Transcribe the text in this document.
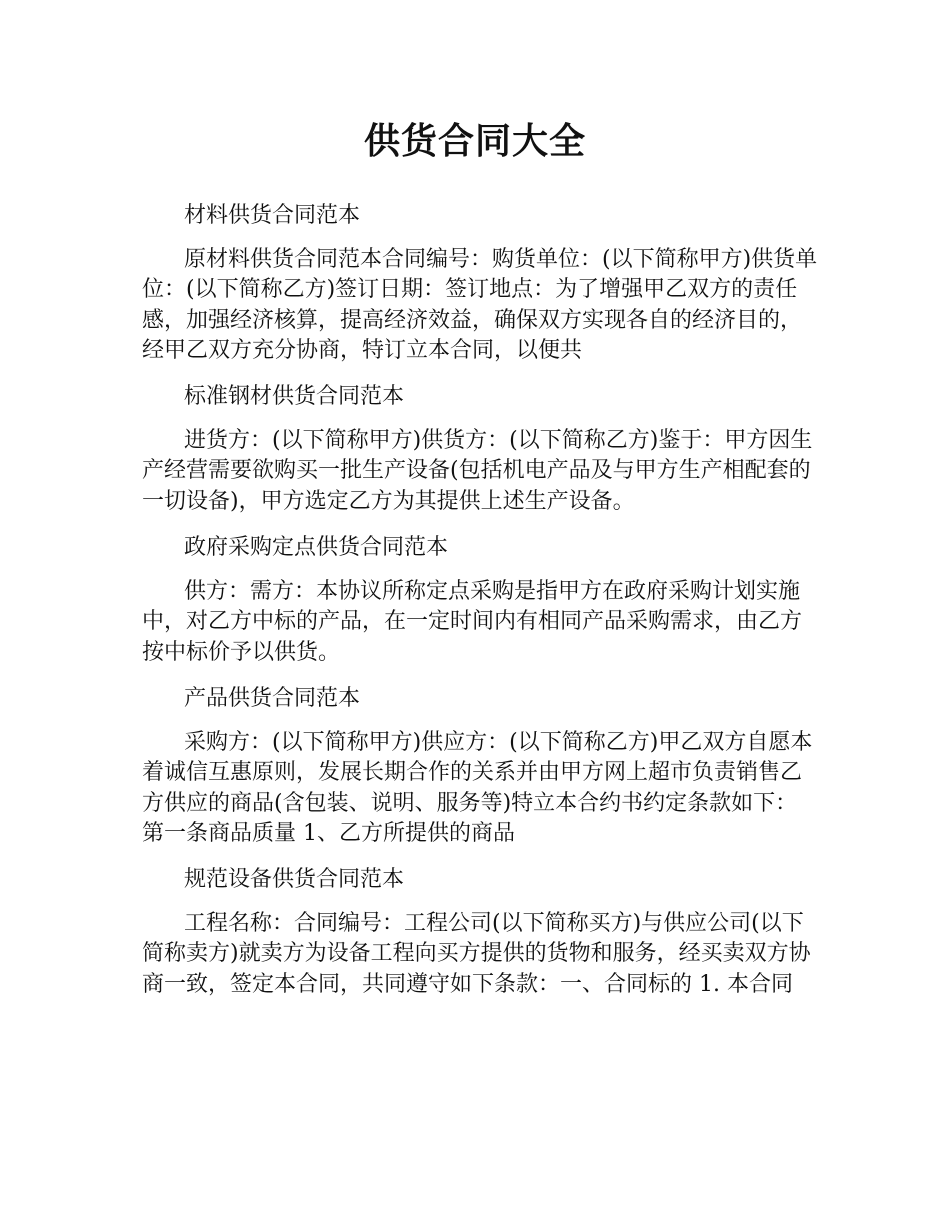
供货合同大全

材料供货合同范本

原材料供货合同范本合同编号：购货单位：(以下简称甲方)供货单位：(以下简称乙方)签订日期：签订地点：为了增强甲乙双方的责任感，加强经济核算，提高经济效益，确保双方实现各自的经济目的，经甲乙双方充分协商，特订立本合同，以便共

标准钢材供货合同范本

进货方：(以下简称甲方)供货方：(以下简称乙方)鉴于：甲方因生产经营需要欲购买一批生产设备(包括机电产品及与甲方生产相配套的一切设备)，甲方选定乙方为其提供上述生产设备。

政府采购定点供货合同范本

供方：需方：本协议所称定点采购是指甲方在政府采购计划实施中，对乙方中标的产品，在一定时间内有相同产品采购需求，由乙方按中标价予以供货。

产品供货合同范本

采购方：(以下简称甲方)供应方：(以下简称乙方)甲乙双方自愿本着诚信互惠原则，发展长期合作的关系并由甲方网上超市负责销售乙方供应的商品(含包装、说明、服务等)特立本合约书约定条款如下：第一条商品质量 1、乙方所提供的商品

规范设备供货合同范本

工程名称：合同编号：工程公司(以下简称买方)与供应公司(以下简称卖方)就卖方为设备工程向买方提供的货物和服务，经买卖双方协商一致，签定本合同，共同遵守如下条款：一、合同标的 1. 本合同
